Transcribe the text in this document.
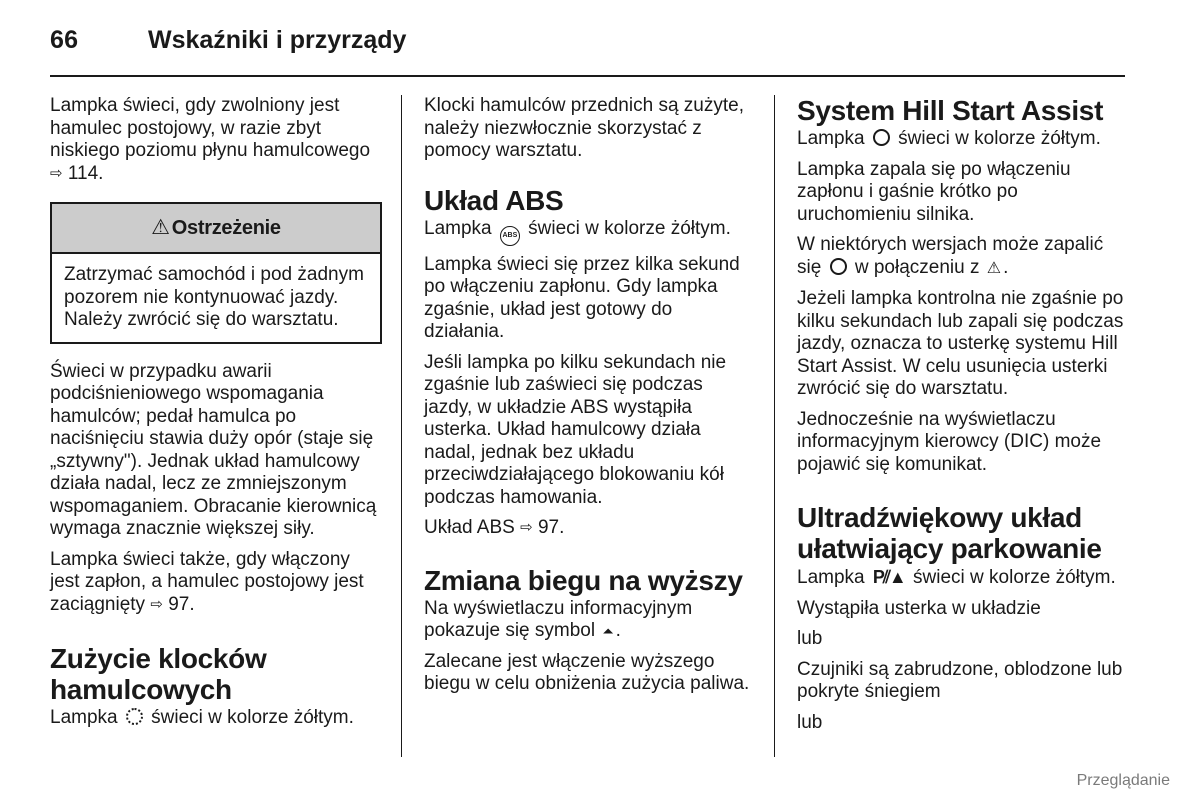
66	Wskaźniki i przyrządy

Lampka świeci, gdy zwolniony jest hamulec postojowy, w razie zbyt niskiego poziomu płynu hamulcowego ⇨ 114.

⚠ Ostrzeżenie
Zatrzymać samochód i pod żadnym pozorem nie kontynuować jazdy. Należy zwrócić się do warsztatu.

Świeci w przypadku awarii podciśnieniowego wspomagania hamulców; pedał hamulca po naciśnięciu stawia duży opór (staje się „sztywny"). Jednak układ hamulcowy działa nadal, lecz ze zmniejszonym wspomaganiem. Obracanie kierownicą wymaga znacznie większej siły.

Lampka świeci także, gdy włączony jest zapłon, a hamulec postojowy jest zaciągnięty ⇨ 97.

Zużycie klocków hamulcowych

Lampka świeci w kolorze żółtym.

Klocki hamulców przednich są zużyte, należy niezwłocznie skorzystać z pomocy warsztatu.

Układ ABS

Lampka ABS świeci w kolorze żółtym.

Lampka świeci się przez kilka sekund po włączeniu zapłonu. Gdy lampka zgaśnie, układ jest gotowy do działania.

Jeśli lampka po kilku sekundach nie zgaśnie lub zaświeci się podczas jazdy, w układzie ABS wystąpiła usterka. Układ hamulcowy działa nadal, jednak bez układu przeciwdziałającego blokowaniu kół podczas hamowania.

Układ ABS ⇨ 97.

Zmiana biegu na wyższy

Na wyświetlaczu informacyjnym pokazuje się symbol ⏶ .

Zalecane jest włączenie wyższego biegu w celu obniżenia zużycia paliwa.

System Hill Start Assist

Lampka świeci w kolorze żółtym.

Lampka zapala się po włączeniu zapłonu i gaśnie krótko po uruchomieniu silnika.

W niektórych wersjach może zapalić się w połączeniu z ⚠ .

Jeżeli lampka kontrolna nie zgaśnie po kilku sekundach lub zapali się podczas jazdy, oznacza to usterkę systemu Hill Start Assist. W celu usunięcia usterki zwrócić się do warsztatu.

Jednocześnie na wyświetlaczu informacyjnym kierowcy (DIC) może pojawić się komunikat.

Ultradźwiękowy układ ułatwiający parkowanie

Lampka P⫽▲ świeci w kolorze żółtym.

Wystąpiła usterka w układzie

lub

Czujniki są zabrudzone, oblodzone lub pokryte śniegiem

lub

Przeglądanie
